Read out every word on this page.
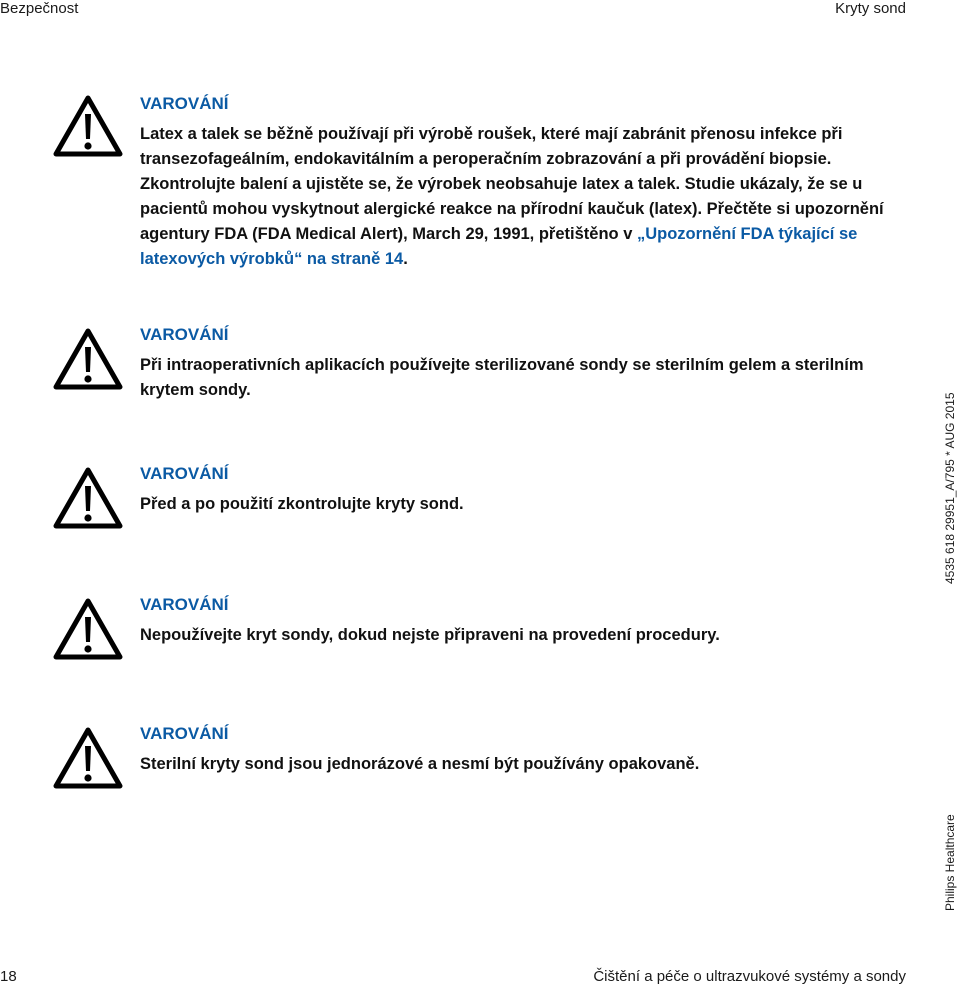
Bezpečnost	Kryty sond

VAROVÁNÍ

Latex a talek se běžně používají při výrobě roušek, které mají zabránit přenosu infekce při transezofageálním, endokavitálním a peroperačním zobrazování a při provádění biopsie. Zkontrolujte balení a ujistěte se, že výrobek neobsahuje latex a talek. Studie ukázaly, že se u pacientů mohou vyskytnout alergické reakce na přírodní kaučuk (latex). Přečtěte si upozornění agentury FDA (FDA Medical Alert), March 29, 1991, přetištěno v „Upozornění FDA týkající se latexových výrobků“ na straně 14.

VAROVÁNÍ

Při intraoperativních aplikacích používejte sterilizované sondy se sterilním gelem a sterilním krytem sondy.

VAROVÁNÍ

Před a po použití zkontrolujte kryty sond.

VAROVÁNÍ

Nepoužívejte kryt sondy, dokud nejste připraveni na provedení procedury.

VAROVÁNÍ

Sterilní kryty sond jsou jednorázové a nesmí být používány opakovaně.

4535 618 29951_A/795 * AUG 2015
Philips Healthcare
18	Čištění a péče o ultrazvukové systémy a sondy
